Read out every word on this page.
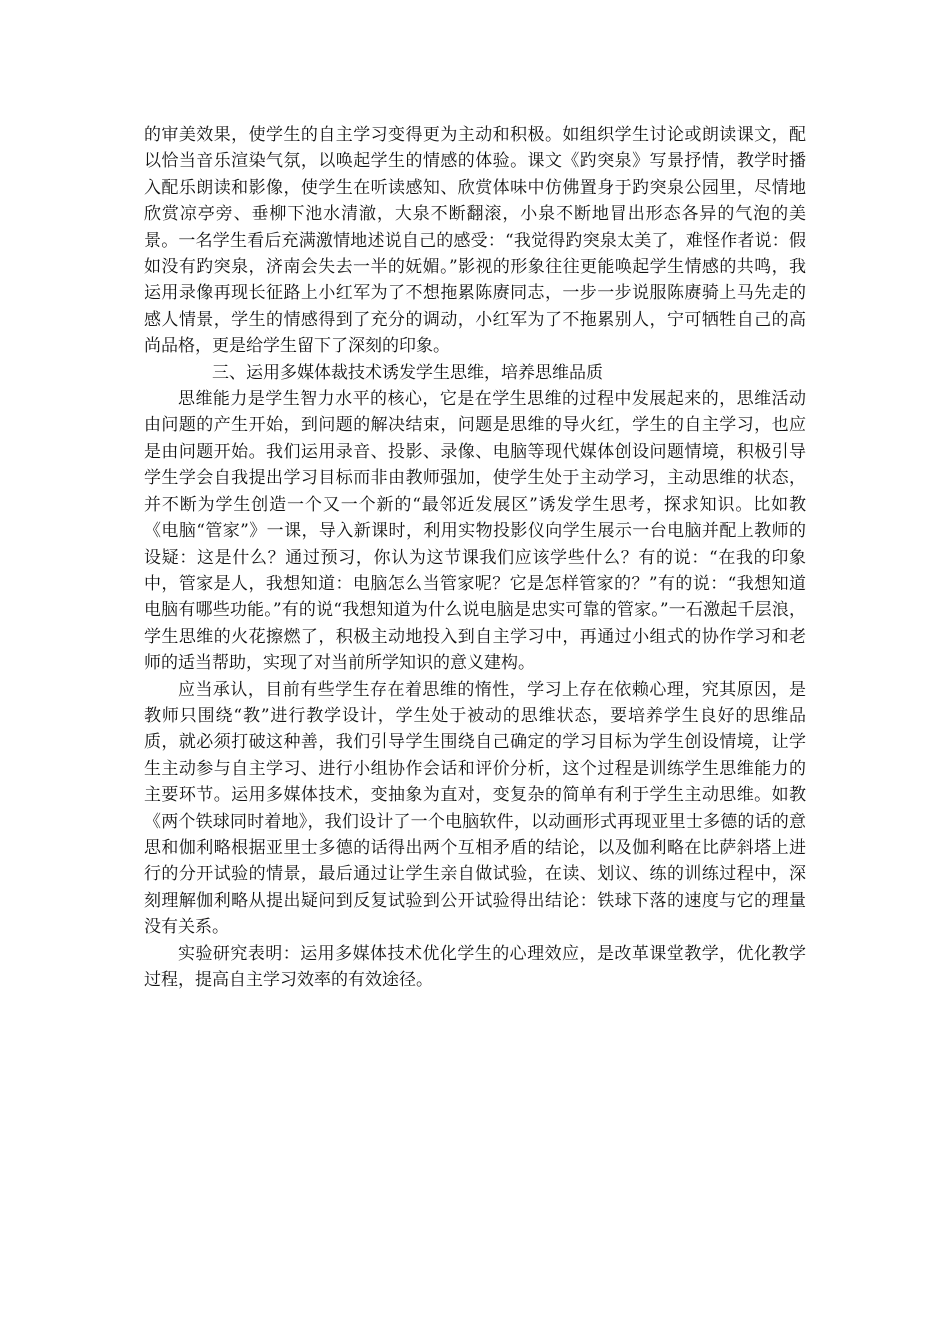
的审美效果，使学生的自主学习变得更为主动和积极。如组织学生讨论或朗读课文，配以恰当音乐渲染气氛，以唤起学生的情感的体验。课文《趵突泉》写景抒情，教学时播入配乐朗读和影像，使学生在听读感知、欣赏体味中仿佛置身于趵突泉公园里，尽情地欣赏凉亭旁、垂柳下池水清澈，大泉不断翻滚，小泉不断地冒出形态各异的气泡的美景。一名学生看后充满激情地述说自己的感受：“我觉得趵突泉太美了，难怪作者说：假如没有趵突泉，济南会失去一半的妩媚。”影视的形象往往更能唤起学生情感的共鸣，我运用录像再现长征路上小红军为了不想拖累陈赓同志，一步一步说服陈赓骑上马先走的感人情景，学生的情感得到了充分的调动，小红军为了不拖累别人，宁可牺牲自己的高尚品格，更是给学生留下了深刻的印象。

三、运用多媒体裁技术诱发学生思维，培养思维品质

思维能力是学生智力水平的核心，它是在学生思维的过程中发展起来的，思维活动由问题的产生开始，到问题的解决结束，问题是思维的导火红，学生的自主学习，也应是由问题开始。我们运用录音、投影、录像、电脑等现代媒体创设问题情境，积极引导学生学会自我提出学习目标而非由教师强加，使学生处于主动学习，主动思维的状态，并不断为学生创造一个又一个新的“最邻近发展区”诱发学生思考，探求知识。比如教《电脑“管家”》一课，导入新课时，利用实物投影仪向学生展示一台电脑并配上教师的设疑：这是什么？通过预习，你认为这节课我们应该学些什么？有的说：“在我的印象中，管家是人，我想知道：电脑怎么当管家呢？它是怎样管家的？”有的说：“我想知道电脑有哪些功能。”有的说“我想知道为什么说电脑是忠实可靠的管家。”一石激起千层浪，学生思维的火花擦燃了，积极主动地投入到自主学习中，再通过小组式的协作学习和老师的适当帮助，实现了对当前所学知识的意义建构。

应当承认，目前有些学生存在着思维的惰性，学习上存在依赖心理，究其原因，是教师只围绕“教”进行教学设计，学生处于被动的思维状态，要培养学生良好的思维品质，就必须打破这种善，我们引导学生围绕自己确定的学习目标为学生创设情境，让学生主动参与自主学习、进行小组协作会话和评价分析，这个过程是训练学生思维能力的主要环节。运用多媒体技术，变抽象为直对，变复杂的简单有利于学生主动思维。如教《两个铁球同时着地》，我们设计了一个电脑软件，以动画形式再现亚里士多德的话的意思和伽利略根据亚里士多德的话得出两个互相矛盾的结论，以及伽利略在比萨斜塔上进行的分开试验的情景，最后通过让学生亲自做试验，在读、划议、练的训练过程中，深刻理解伽利略从提出疑问到反复试验到公开试验得出结论：铁球下落的速度与它的理量没有关系。

实验研究表明：运用多媒体技术优化学生的心理效应，是改革课堂教学，优化教学过程，提高自主学习效率的有效途径。
